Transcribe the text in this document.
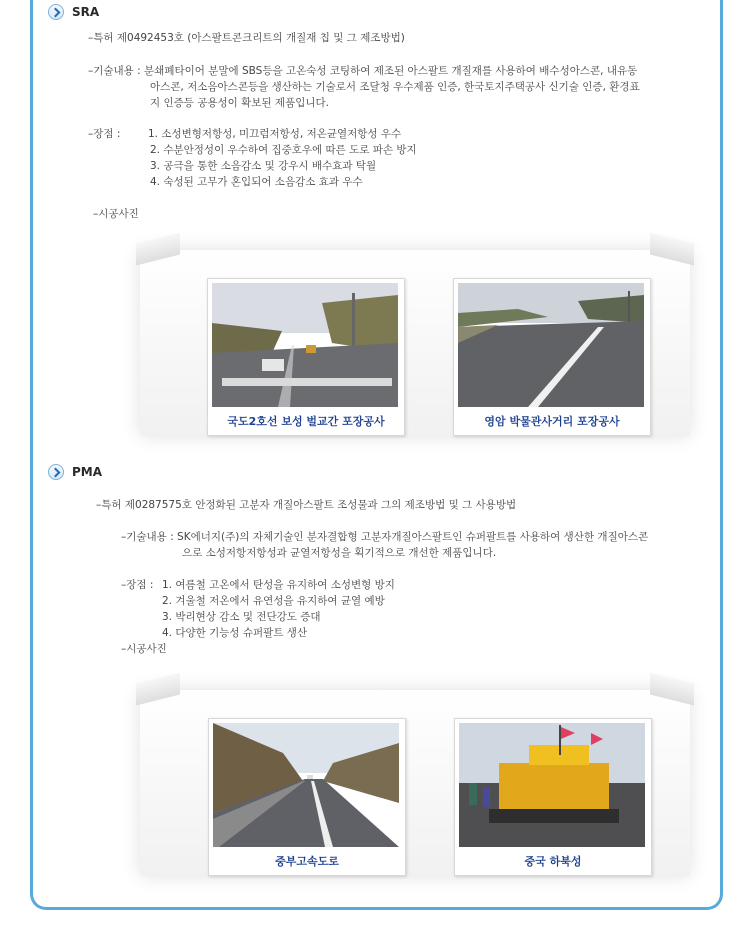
SRA
–특허 제0492453호 (아스팔트콘크리트의 개질재 칩 및 그 제조방법)
–기술내용 : 분쇄폐타이어 분말에 SBS등을 고온숙성 코팅하여 제조된 아스팔트 개질재를 사용하여 배수성아스콘, 내유동
아스콘, 저소음아스콘등을 생산하는 기술로서 조달청 우수제품 인증, 한국토지주택공사 신기술 인증, 환경표
지 인증등 공용성이 확보된 제품입니다.
–장점 :	1. 소성변형저항성, 미끄럼저항성, 저온균열저항성 우수
2. 수분안정성이 우수하여 집중호우에 따른 도로 파손 방지
3. 공극을 통한 소음감소 및 강우시 배수효과 탁월
4. 숙성된 고무가 혼입되어 소음감소 효과 우수
–시공사진
국도2호선 보성 벌교간 포장공사	영암 박물관사거리 포장공사
PMA
–특허 제0287575호 안정화된 고분자 개질아스팔트 조성물과 그의 제조방법 및 그 사용방법
–기술내용 : SK에너지(주)의 자체기술인 분자결합형 고분자개질아스팔트인 슈퍼팔트를 사용하여 생산한 개질아스콘
으로 소성저항저항성과 균열저항성을 획기적으로 개선한 제품입니다.
–장점 : 1. 여름철 고온에서 탄성을 유지하여 소성변형 방지
2. 겨울철 저온에서 유연성을 유지하여 균열 예방
3. 박리현상 감소 및 전단강도 증대
4. 다양한 기능성 슈퍼팔트 생산
–시공사진
중부고속도로	중국 하북성
